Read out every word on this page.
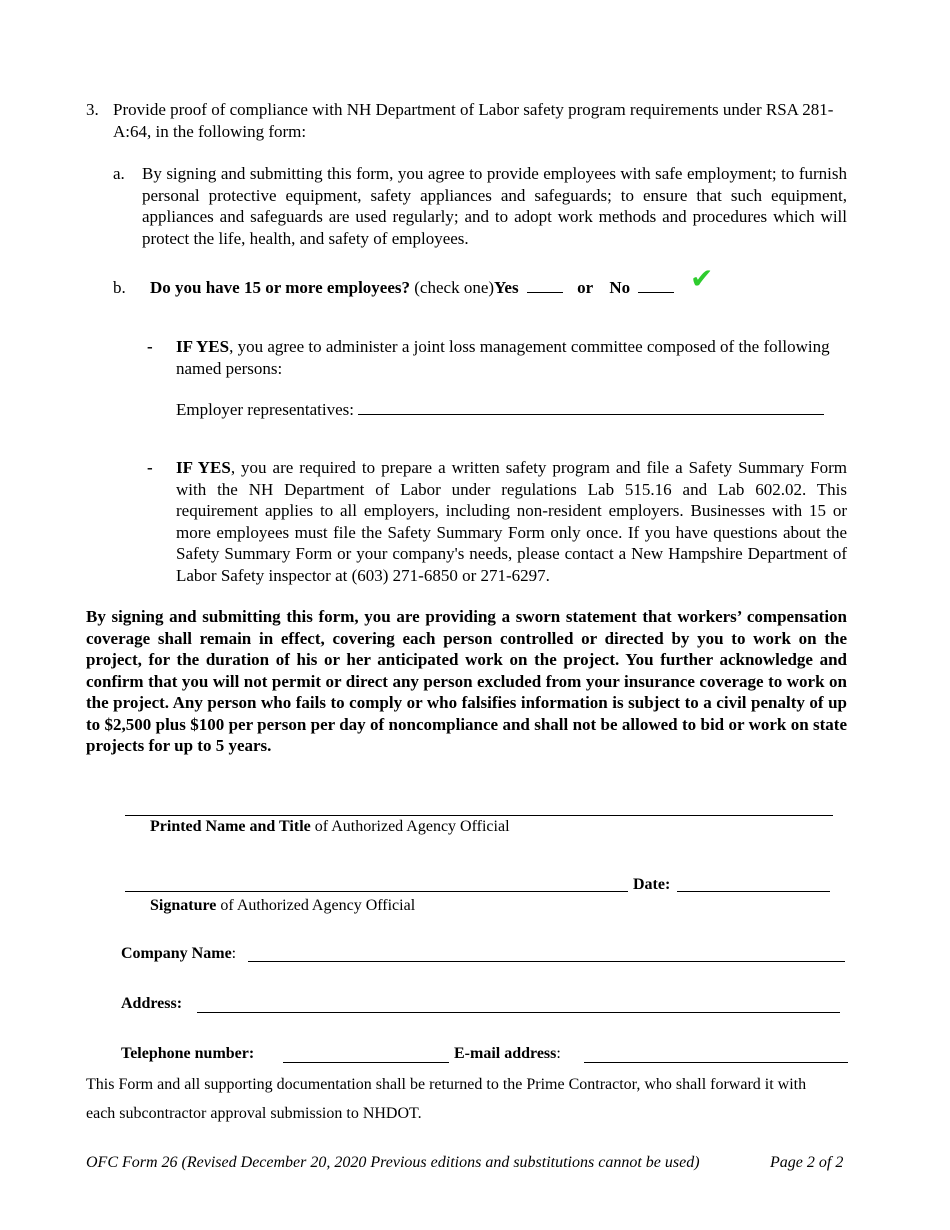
3. Provide proof of compliance with NH Department of Labor safety program requirements under RSA 281-A:64, in the following form:
a. By signing and submitting this form, you agree to provide employees with safe employment; to furnish personal protective equipment, safety appliances and safeguards; to ensure that such equipment, appliances and safeguards are used regularly; and to adopt work methods and procedures which will protect the life, health, and safety of employees.
b. Do you have 15 or more employees? (check one)Yes	or No	✔
- IF YES, you agree to administer a joint loss management committee composed of the following named persons:
Employer representatives:
- IF YES, you are required to prepare a written safety program and file a Safety Summary Form with the NH Department of Labor under regulations Lab 515.16 and Lab 602.02. This requirement applies to all employers, including non-resident employers. Businesses with 15 or more employees must file the Safety Summary Form only once. If you have questions about the Safety Summary Form or your company's needs, please contact a New Hampshire Department of Labor Safety inspector at (603) 271-6850 or 271-6297.
By signing and submitting this form, you are providing a sworn statement that workers’ compensation coverage shall remain in effect, covering each person controlled or directed by you to work on the project, for the duration of his or her anticipated work on the project. You further acknowledge and confirm that you will not permit or direct any person excluded from your insurance coverage to work on the project. Any person who fails to comply or who falsifies information is subject to a civil penalty of up to $2,500 plus $100 per person per day of noncompliance and shall not be allowed to bid or work on state projects for up to 5 years.
Printed Name and Title of Authorized Agency Official
Date:
Signature of Authorized Agency Official
Company Name:
Address:
Telephone number:	E-mail address:
This Form and all supporting documentation shall be returned to the Prime Contractor, who shall forward it with
each subcontractor approval submission to NHDOT.
OFC Form 26 (Revised December 20, 2020 Previous editions and substitutions cannot be used)	Page 2 of 2
